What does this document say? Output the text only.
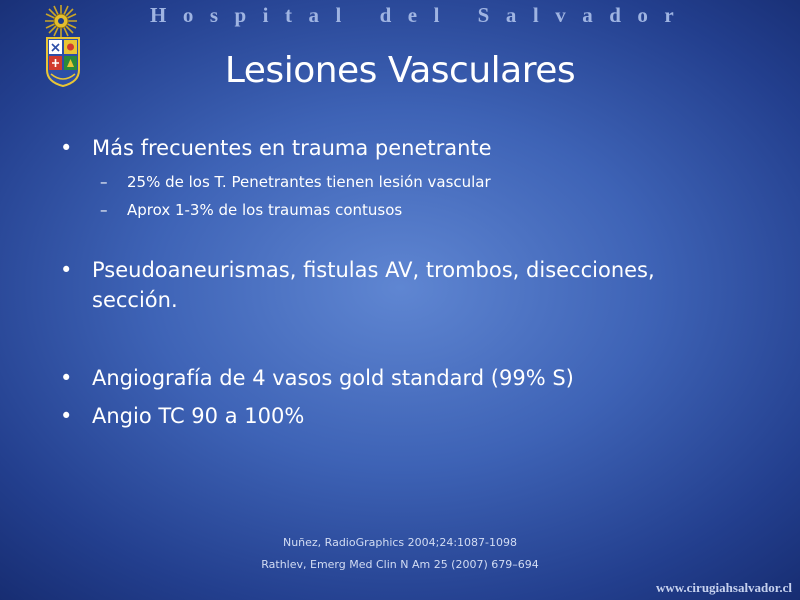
Hospital del Salvador
Lesiones Vasculares
• Más frecuentes en trauma penetrante
– 25% de los T. Penetrantes tienen lesión vascular
– Aprox 1-3% de los traumas contusos
• Pseudoaneurismas, fistulas AV, trombos, disecciones,
sección.
• Angiografía de 4 vasos gold standard (99% S)
• Angio TC 90 a 100%
Nuñez, RadioGraphics 2004;24:1087-1098
Rathlev, Emerg Med Clin N Am 25 (2007) 679–694
www.cirugiahsalvador.cl
